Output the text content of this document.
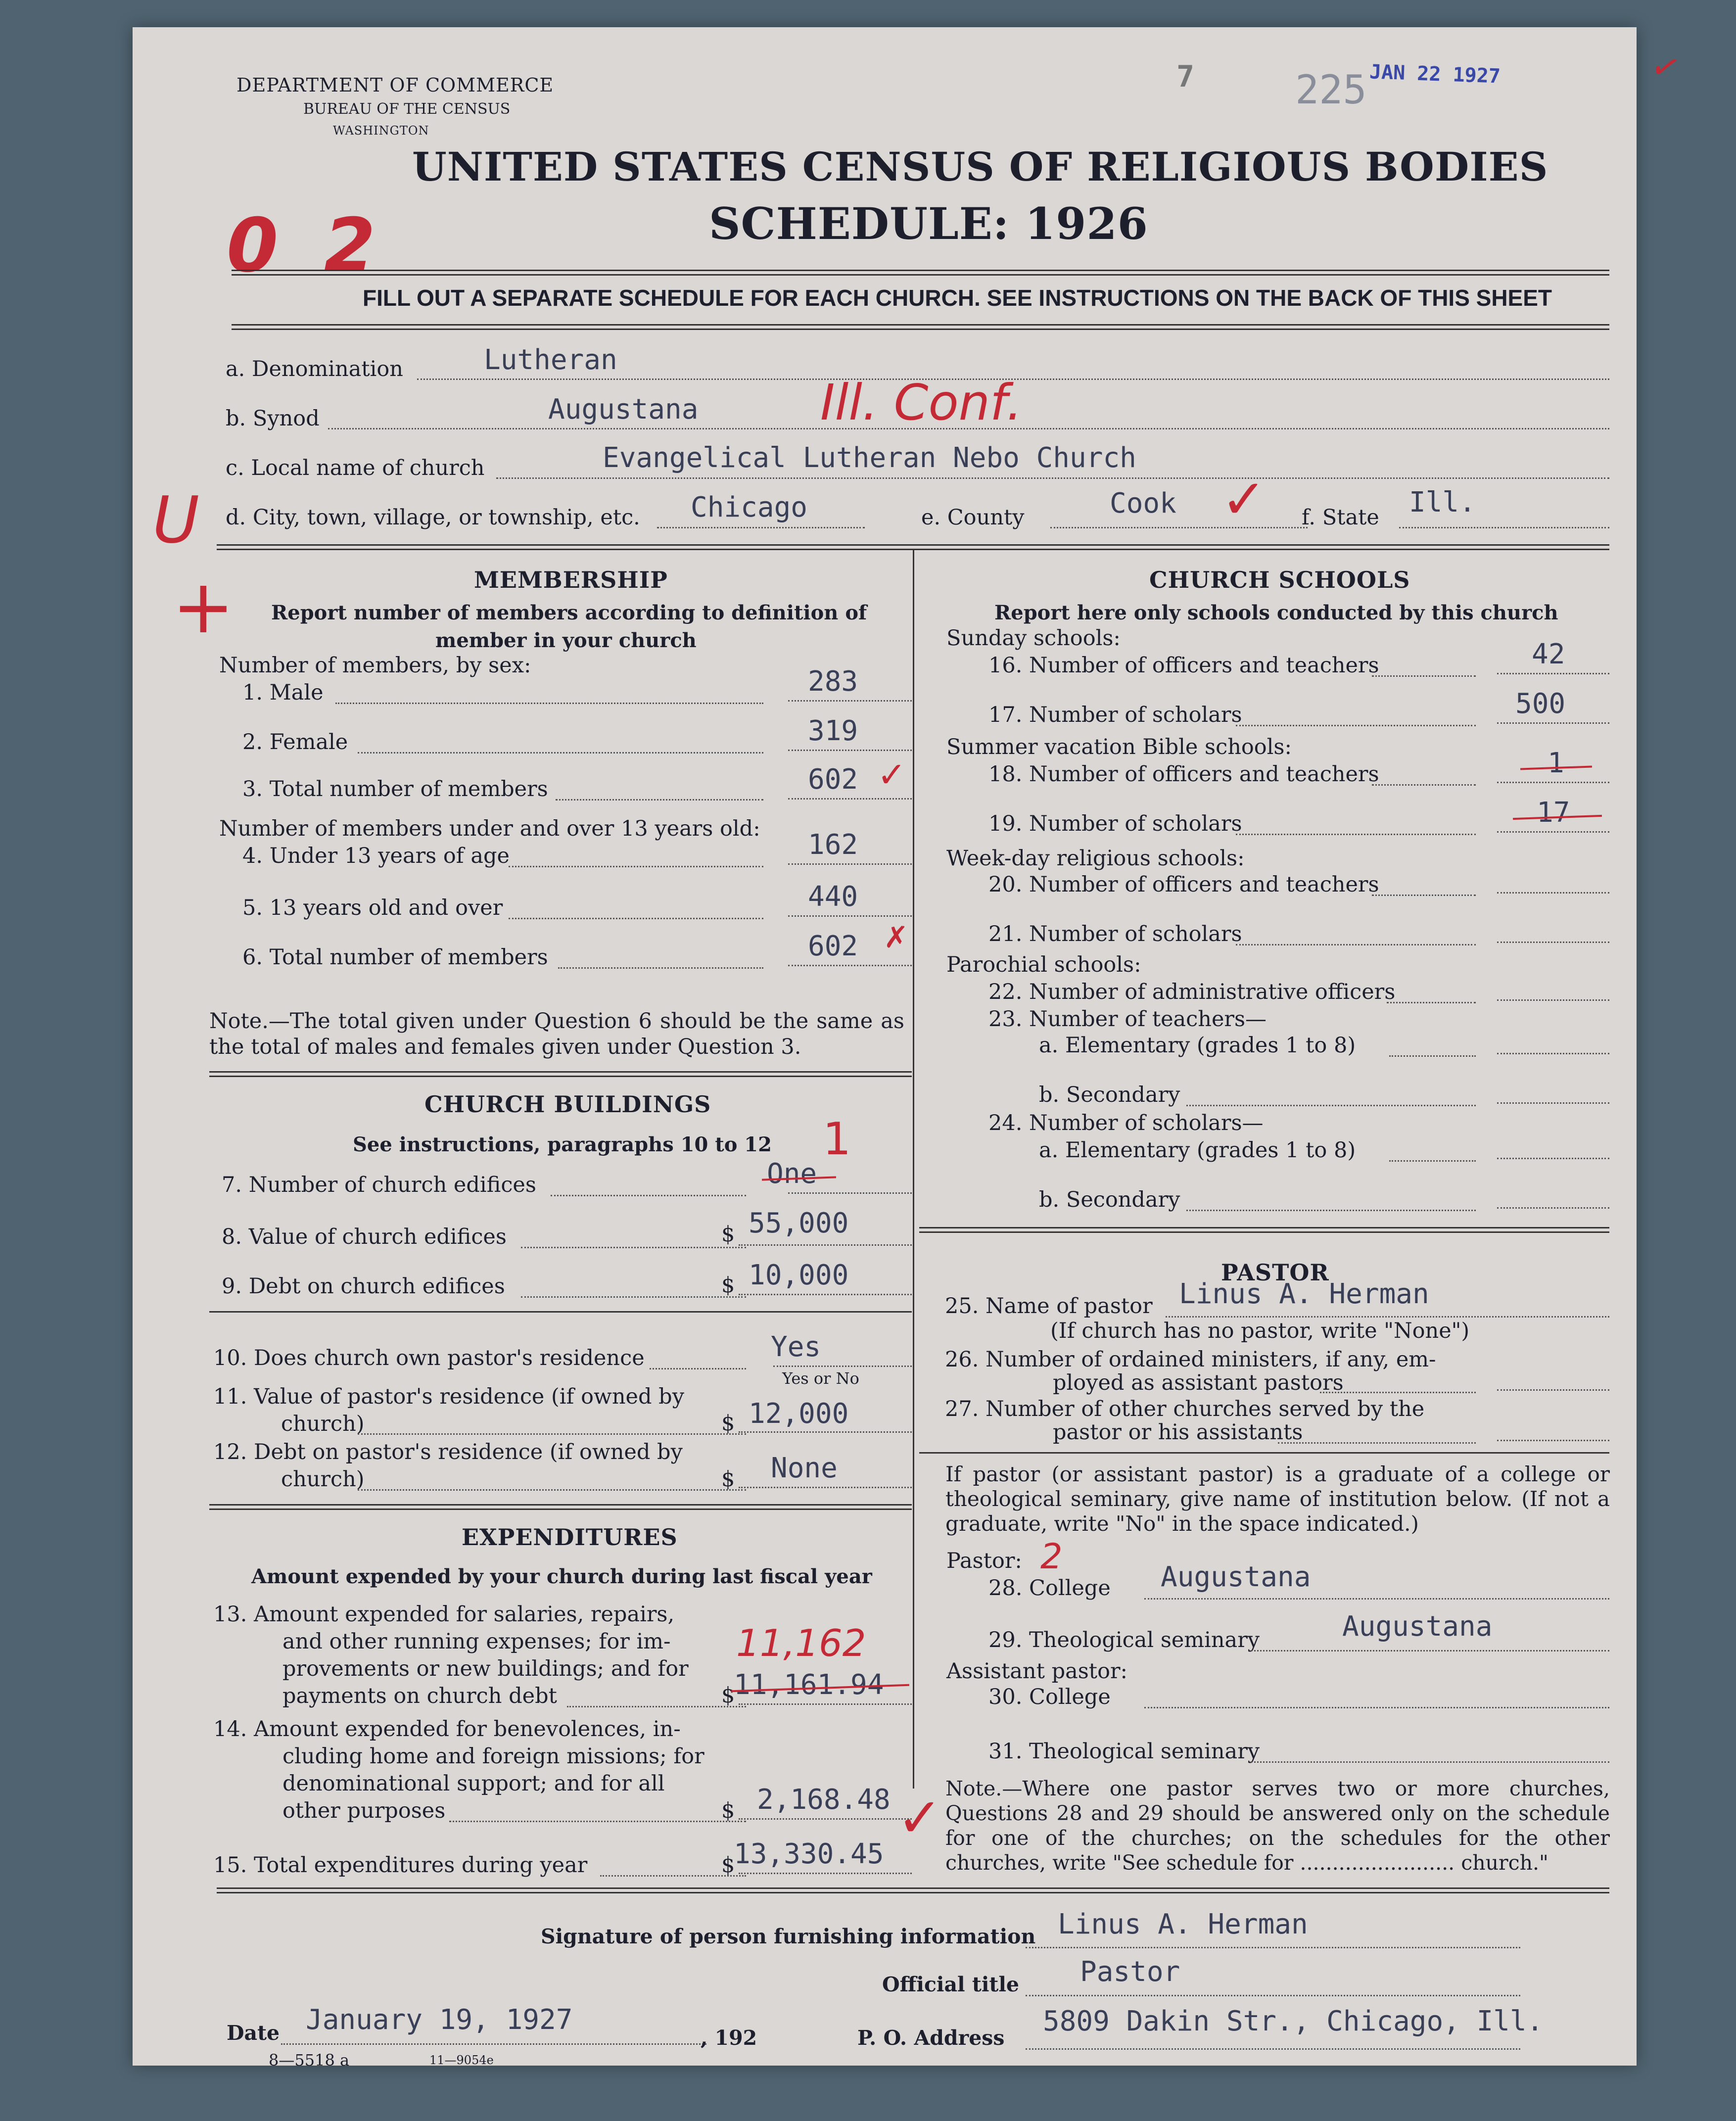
DEPARTMENT OF COMMERCE
BUREAU OF THE CENSUS
WASHINGTON
7	225 JAN 22 1927	✓
UNITED STATES CENSUS OF RELIGIOUS BODIES
SCHEDULE: 1926
0 2
FILL OUT A SEPARATE SCHEDULE FOR EACH CHURCH. SEE INSTRUCTIONS ON THE BACK OF THIS SHEET
a. Denomination	Lutheran
b. Synod	Augustana Ill. Conf.
c. Local name of church	Evangelical Lutheran Nebo Church
d. City, town, village, or township, etc. Chicago	e. County	Cook ✓ f. State Ill.
U
+	MEMBERSHIP
Report number of members according to definition of
member in your church
Number of members, by sex:
1. Male	283
2. Female	319
3. Total number of members	602 ✓
Number of members under and over 13 years old:
4. Under 13 years of age	162
5. 13 years old and over	440
6. Total number of members	602 ✗
Note.—The total given under Question 6 should be the same as the total of males and females given under Question 3.
CHURCH BUILDINGS
See instructions, paragraphs 10 to 12 1
7. Number of church edifices	One
8. Value of church edifices	$ 55,000
9. Debt on church edifices	$ 10,000
10. Does church own pastor's residence	Yes
Yes or No
11. Value of pastor's residence (if owned by
church)	$ 12,000
12. Debt on pastor's residence (if owned by
church)	$ None
EXPENDITURES
Amount expended by your church during last fiscal year
13. Amount expended for salaries, repairs,
and other running expenses; for im-
provements or new buildings; and for
payments on church debt	$
11,161.94
11,162
14. Amount expended for benevolences, in-
cluding home and foreign missions; for
denominational support; and for all
other purposes	$ 2,168.48
15. Total expenditures during year	$
13,330.45
✓
CHURCH SCHOOLS
Report here only schools conducted by this church
Sunday schools:
16. Number of officers and teachers	42
17. Number of scholars	500
Summer vacation Bible schools:
18. Number of officers and teachers	1
19. Number of scholars	17
Week-day religious schools:
20. Number of officers and teachers
21. Number of scholars
Parochial schools:
22. Number of administrative officers
23. Number of teachers—
a. Elementary (grades 1 to 8)
b. Secondary
24. Number of scholars—
a. Elementary (grades 1 to 8)
b. Secondary
PASTOR
25. Name of pastor Linus A. Herman
(If church has no pastor, write "None")
26. Number of ordained ministers, if any, em-
ployed as assistant pastors
27. Number of other churches served by the
pastor or his assistants
If pastor (or assistant pastor) is a graduate of a college or theological seminary, give name of institution below. (If not a graduate, write "No" in the space indicated.)
Pastor: 2
28. College Augustana
29. Theological seminary	Augustana
Assistant pastor:
30. College
31. Theological seminary
Note.—Where one pastor serves two or more churches, Questions 28 and 29 should be answered only on the schedule for one of the churches; on the schedules for the other churches, write "See schedule for ........................ church."
Signature of person furnishing information Linus A. Herman
Official title Pastor
Date January 19, 1927
, 192	P. O. Address
5809 Dakin Str., Chicago, Ill.
8—5518 a	11—9054e
